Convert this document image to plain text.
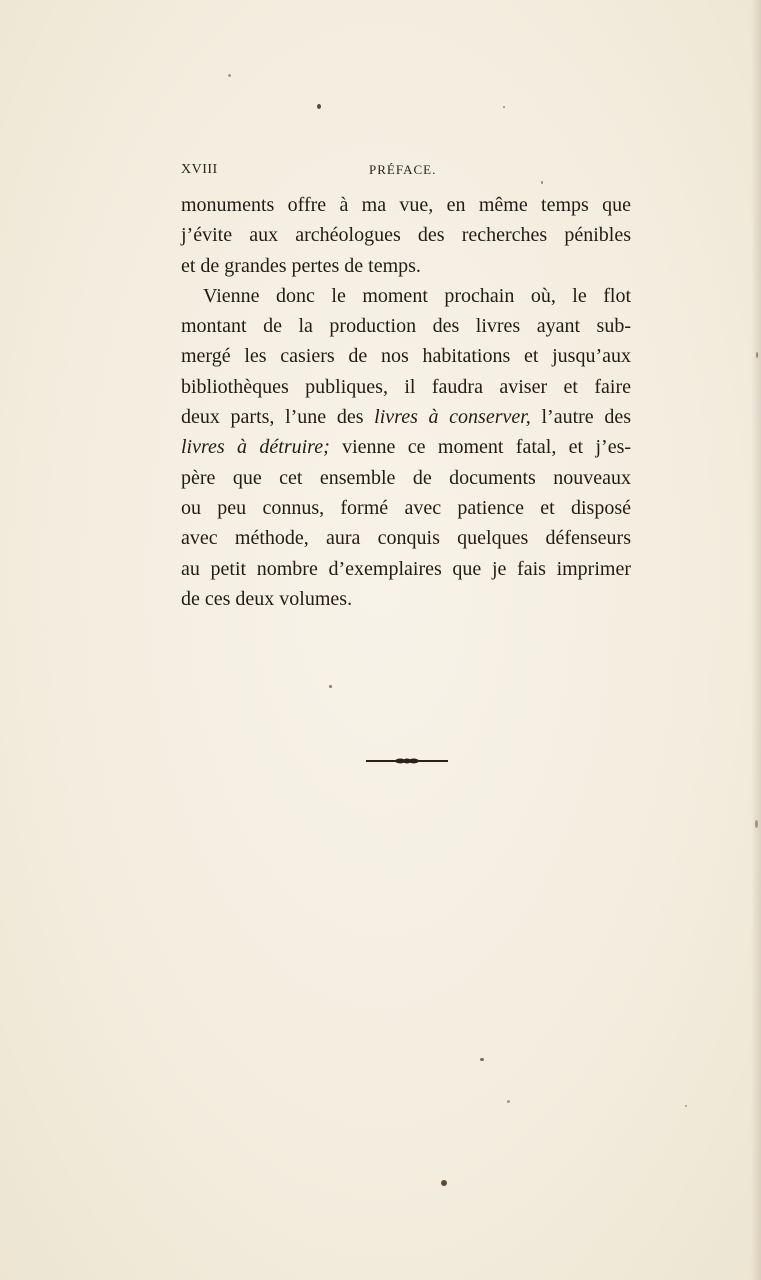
XVIII	PRÉFACE.
monuments offre à ma vue, en même temps que
j’évite aux archéologues des recherches pénibles
et de grandes pertes de temps.
Vienne donc le moment prochain où, le flot
montant de la production des livres ayant sub-
mergé les casiers de nos habitations et jusqu’aux
bibliothèques publiques, il faudra aviser et faire
deux parts, l’une des livres à conserver, l’autre des
livres à détruire; vienne ce moment fatal, et j’es-
père que cet ensemble de documents nouveaux
ou peu connus, formé avec patience et disposé
avec méthode, aura conquis quelques défenseurs
au petit nombre d’exemplaires que je fais imprimer
de ces deux volumes.
